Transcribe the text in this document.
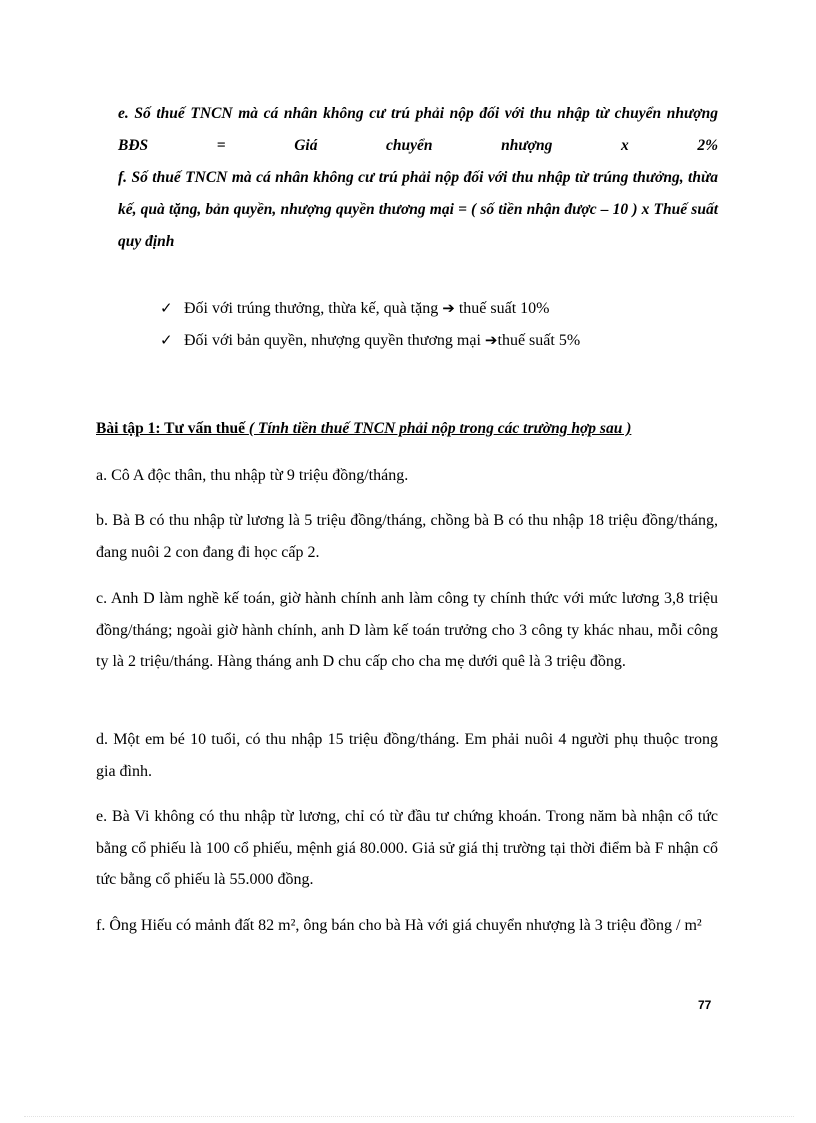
e. Số thuế TNCN mà cá nhân không cư trú phải nộp đối với thu nhập từ chuyển nhượng BĐS = Giá chuyển nhượng x 2%
f. Số thuế TNCN mà cá nhân không cư trú phải nộp đối với thu nhập từ trúng thưởng, thừa kế, quà tặng, bản quyền, nhượng quyền thương mại = ( số tiền nhận được – 10 ) x Thuế suất quy định
✓ Đối với trúng thưởng, thừa kế, quà tặng ➔ thuế suất 10%
✓ Đối với bản quyền, nhượng quyền thương mại ➔thuế suất 5%
Bài tập 1: Tư vấn thuế ( Tính tiền thuế TNCN phải nộp trong các trường hợp sau )
a. Cô A độc thân, thu nhập từ 9 triệu đồng/tháng.
b. Bà B có thu nhập từ lương là 5 triệu đồng/tháng, chồng bà B có thu nhập 18 triệu đồng/tháng, đang nuôi 2 con đang đi học cấp 2.
c. Anh D làm nghề kế toán, giờ hành chính anh làm công ty chính thức với mức lương 3,8 triệu đồng/tháng; ngoài giờ hành chính, anh D làm kế toán trưởng cho 3 công ty khác nhau, mỗi công ty là 2 triệu/tháng. Hàng tháng anh D chu cấp cho cha mẹ dưới quê là 3 triệu đồng.
d. Một em bé 10 tuổi, có thu nhập 15 triệu đồng/tháng. Em phải nuôi 4 người phụ thuộc trong gia đình.
e. Bà Vi không có thu nhập từ lương, chỉ có từ đầu tư chứng khoán. Trong năm bà nhận cổ tức bằng cổ phiếu là 100 cổ phiếu, mệnh giá 80.000. Giả sử giá thị trường tại thời điểm bà F nhận cổ tức bằng cổ phiếu là 55.000 đồng.
f. Ông Hiếu có mảnh đất 82 m², ông bán cho bà Hà với giá chuyển nhượng là 3 triệu đồng / m²
77
